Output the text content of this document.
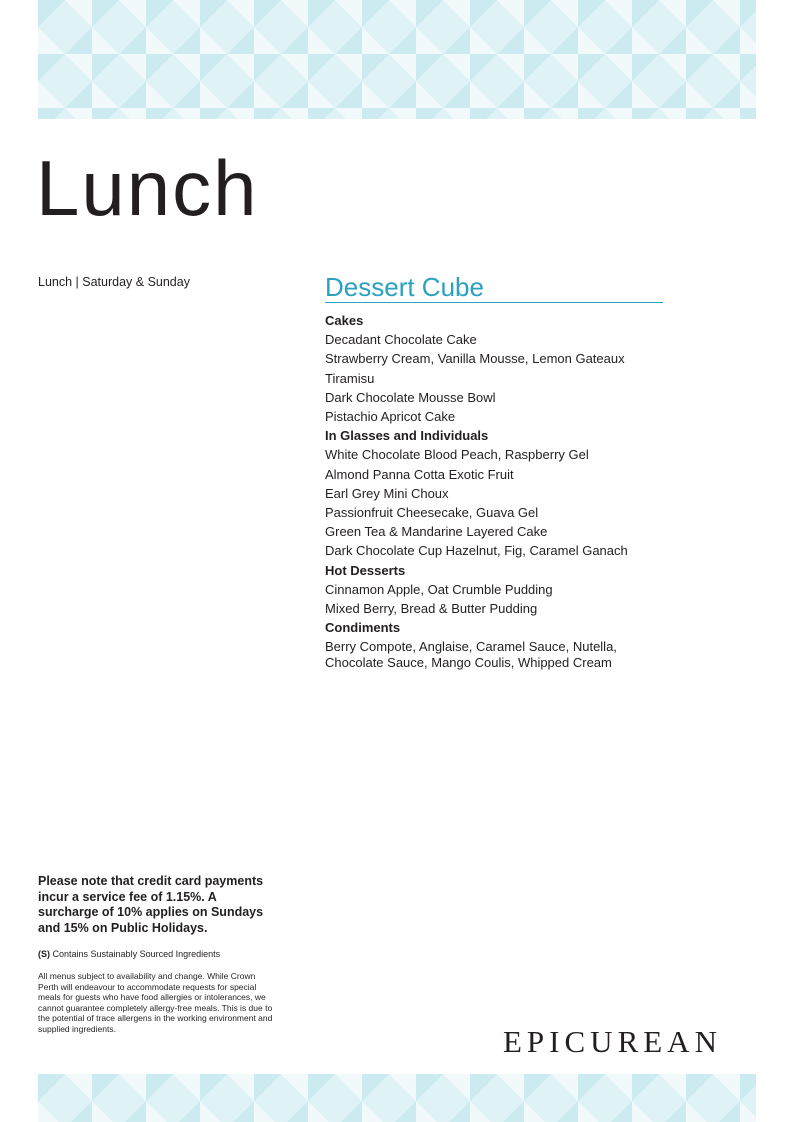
Lunch
Lunch | Saturday & Sunday	Dessert Cube
Cakes
Decadant Chocolate Cake
Strawberry Cream, Vanilla Mousse, Lemon Gateaux
Tiramisu
Dark Chocolate Mousse Bowl
Pistachio Apricot Cake
In Glasses and Individuals
White Chocolate Blood Peach, Raspberry Gel
Almond Panna Cotta Exotic Fruit
Earl Grey Mini Choux
Passionfruit Cheesecake, Guava Gel
Green Tea & Mandarine Layered Cake
Dark Chocolate Cup Hazelnut, Fig, Caramel Ganach
Hot Desserts
Cinnamon Apple, Oat Crumble Pudding
Mixed Berry, Bread & Butter Pudding
Condiments
Berry Compote, Anglaise, Caramel Sauce, Nutella, Chocolate Sauce, Mango Coulis, Whipped Cream
Please note that credit card payments incur a service fee of 1.15%. A surcharge of 10% applies on Sundays and 15% on Public Holidays.
(S) Contains Sustainably Sourced Ingredients
All menus subject to availability and change. While Crown Perth will endeavour to accommodate requests for special meals for guests who have food allergies or intolerances, we cannot guarantee completely allergy-free meals. This is due to the potential of trace allergens in the working environment and supplied ingredients.	EPICUREAN
